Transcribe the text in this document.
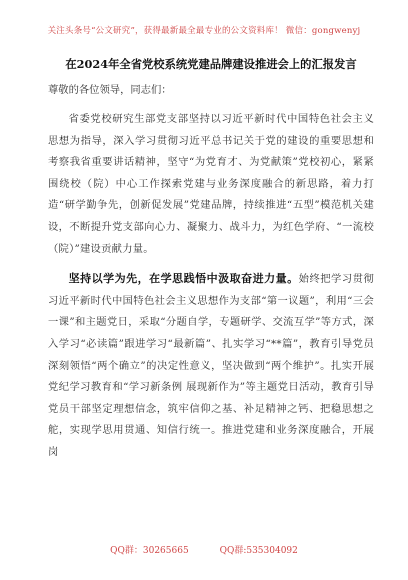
关注头条号“公文研究”，获得最新最全最专业的公文资料库！ 微信：gongwenyj
在2024年全省党校系统党建品牌建设推进会上的汇报发言
尊敬的各位领导，同志们：

省委党校研究生部党支部坚持以习近平新时代中国特色社会主义思想为指导，深入学习贯彻习近平总书记关于党的建设的重要思想和考察我省重要讲话精神，坚守“为党育才、为党献策”党校初心，紧紧围绕校（院）中心工作探索党建与业务深度融合的新思路，着力打造“研学勤争先，创新促发展”党建品牌，持续推进“五型”模范机关建设，不断提升党支部向心力、凝聚力、战斗力，为红色学府、“一流校（院）”建设贡献力量。

坚持以学为先，在学思践悟中汲取奋进力量。始终把学习贯彻习近平新时代中国特色社会主义思想作为支部“第一议题”，利用“三会一课”和主题党日，采取“分题自学，专题研学、交流互学”等方式，深入学习“必读篇”跟进学习“最新篇”、扎实学习“**篇”，教育引导党员深刻领悟“两个确立”的决定性意义，坚决做到“两个维护”。扎实开展党纪学习教育和“学习新条例 展现新作为”等主题党日活动，教育引导党员干部坚定理想信念，筑牢信仰之基、补足精神之钙、把稳思想之舵，实现学思用贯通、知信行统一。推进党建和业务深度融合，开展岗

QQ群：30265665	QQ群:535304092
